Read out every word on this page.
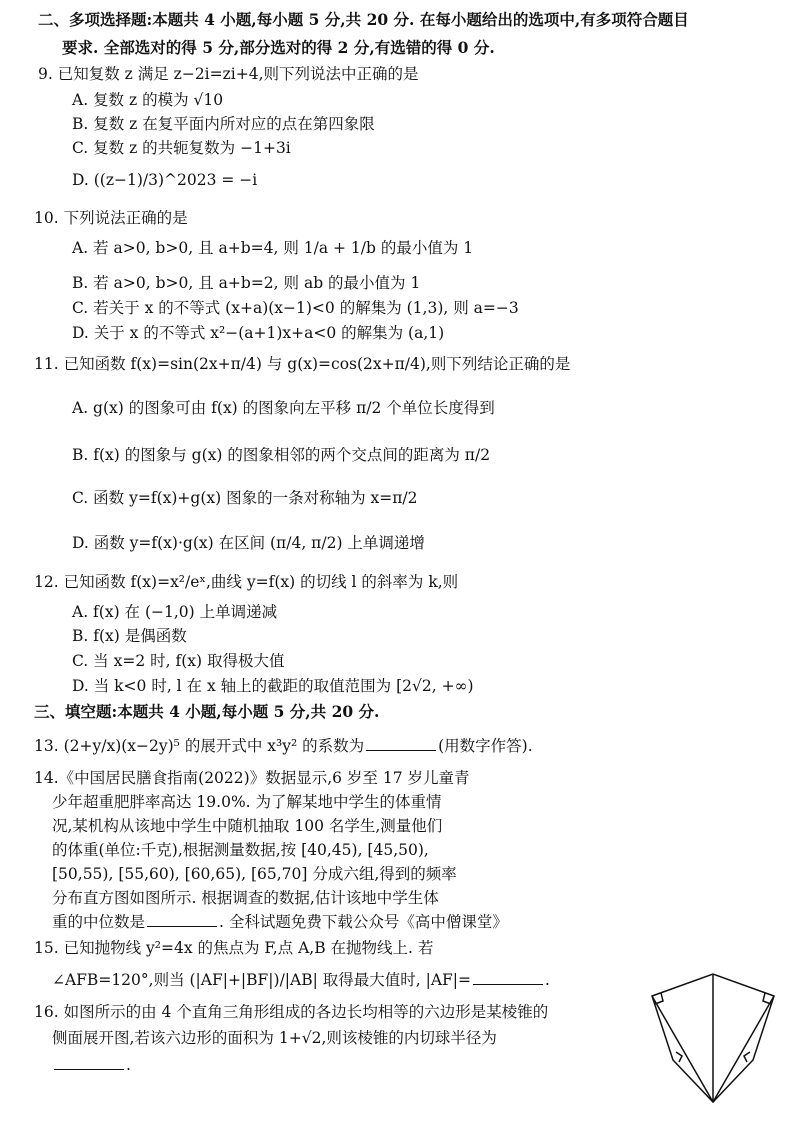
二、多项选择题:本题共 4 小题,每小题 5 分,共 20 分. 在每小题给出的选项中,有多项符合题目
要求. 全部选对的得 5 分,部分选对的得 2 分,有选错的得 0 分.
9. 已知复数 z 满足 z−2i=zi+4,则下列说法中正确的是
A. 复数 z 的模为 √10
B. 复数 z 在复平面内所对应的点在第四象限
C. 复数 z 的共轭复数为 −1+3i
D. ((z−1)/3)^2023 = −i
10. 下列说法正确的是
A. 若 a>0, b>0, 且 a+b=4, 则 1/a + 1/b 的最小值为 1
B. 若 a>0, b>0, 且 a+b=2, 则 ab 的最小值为 1
C. 若关于 x 的不等式 (x+a)(x−1)<0 的解集为 (1,3), 则 a=−3
D. 关于 x 的不等式 x²−(a+1)x+a<0 的解集为 (a,1)
11. 已知函数 f(x)=sin(2x+π/4) 与 g(x)=cos(2x+π/4),则下列结论正确的是
A. g(x) 的图象可由 f(x) 的图象向左平移 π/2 个单位长度得到
B. f(x) 的图象与 g(x) 的图象相邻的两个交点间的距离为 π/2
C. 函数 y=f(x)+g(x) 图象的一条对称轴为 x=π/2
D. 函数 y=f(x)·g(x) 在区间 (π/4, π/2) 上单调递增
12. 已知函数 f(x)=x²/eˣ,曲线 y=f(x) 的切线 l 的斜率为 k,则
A. f(x) 在 (−1,0) 上单调递减
B. f(x) 是偶函数
C. 当 x=2 时, f(x) 取得极大值
D. 当 k<0 时, l 在 x 轴上的截距的取值范围为 [2√2, +∞)
三、填空题:本题共 4 小题,每小题 5 分,共 20 分.
13. (2+y/x)(x−2y)⁵ 的展开式中 x³y² 的系数为	(用数字作答).
14.《中国居民膳食指南(2022)》数据显示,6 岁至 17 岁儿童青
少年超重肥胖率高达 19.0%. 为了解某地中学生的体重情
况,某机构从该地中学生中随机抽取 100 名学生,测量他们
的体重(单位:千克),根据测量数据,按 [40,45), [45,50),
[50,55), [55,60), [60,65), [65,70] 分成六组,得到的频率
分布直方图如图所示. 根据调查的数据,估计该地中学生体
重的中位数是	. 全科试题免费下载公众号《高中僧课堂》
15. 已知抛物线 y²=4x 的焦点为 F,点 A,B 在抛物线上. 若
∠AFB=120°,则当 (|AF|+|BF|)/|AB| 取得最大值时, |AF|=	.
16. 如图所示的由 4 个直角三角形组成的各边长均相等的六边形是某棱锥的
侧面展开图,若该六边形的面积为 1+√2,则该棱锥的内切球半径为
.
